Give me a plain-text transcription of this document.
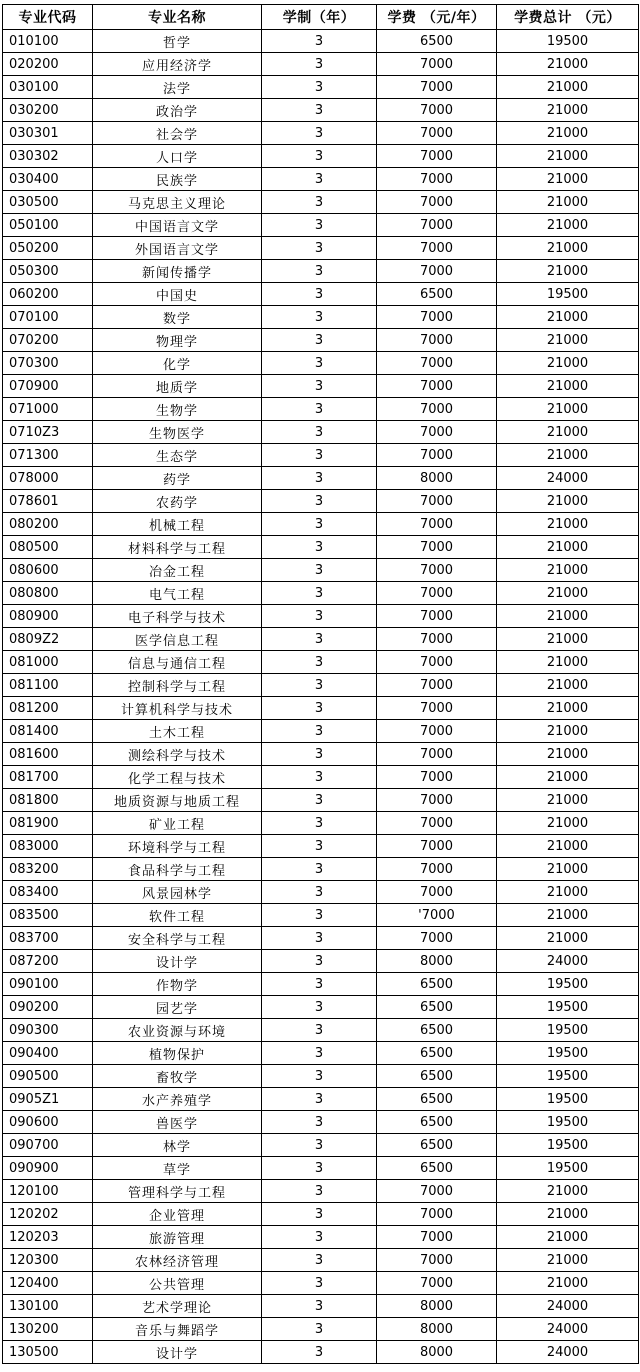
专业代码	专业名称	学制（年）	学费 （元/年）	学费总计 （元）
010100	哲学	3	6500	19500
020200	应用经济学	3	7000	21000
030100	法学	3	7000	21000
030200	政治学	3	7000	21000
030301	社会学	3	7000	21000
030302	人口学	3	7000	21000
030400	民族学	3	7000	21000
030500	马克思主义理论	3	7000	21000
050100	中国语言文学	3	7000	21000
050200	外国语言文学	3	7000	21000
050300	新闻传播学	3	7000	21000
060200	中国史	3	6500	19500
070100	数学	3	7000	21000
070200	物理学	3	7000	21000
070300	化学	3	7000	21000
070900	地质学	3	7000	21000
071000	生物学	3	7000	21000
0710Z3	生物医学	3	7000	21000
071300	生态学	3	7000	21000
078000	药学	3	8000	24000
078601	农药学	3	7000	21000
080200	机械工程	3	7000	21000
080500	材料科学与工程	3	7000	21000
080600	冶金工程	3	7000	21000
080800	电气工程	3	7000	21000
080900	电子科学与技术	3	7000	21000
0809Z2	医学信息工程	3	7000	21000
081000	信息与通信工程	3	7000	21000
081100	控制科学与工程	3	7000	21000
081200	计算机科学与技术	3	7000	21000
081400	土木工程	3	7000	21000
081600	测绘科学与技术	3	7000	21000
081700	化学工程与技术	3	7000	21000
081800	地质资源与地质工程	3	7000	21000
081900	矿业工程	3	7000	21000
083000	环境科学与工程	3	7000	21000
083200	食品科学与工程	3	7000	21000
083400	风景园林学	3	7000	21000
083500	软件工程	3	'7000	21000
083700	安全科学与工程	3	7000	21000
087200	设计学	3	8000	24000
090100	作物学	3	6500	19500
090200	园艺学	3	6500	19500
090300	农业资源与环境	3	6500	19500
090400	植物保护	3	6500	19500
090500	畜牧学	3	6500	19500
0905Z1	水产养殖学	3	6500	19500
090600	兽医学	3	6500	19500
090700	林学	3	6500	19500
090900	草学	3	6500	19500
120100	管理科学与工程	3	7000	21000
120202	企业管理	3	7000	21000
120203	旅游管理	3	7000	21000
120300	农林经济管理	3	7000	21000
120400	公共管理	3	7000	21000
130100	艺术学理论	3	8000	24000
130200	音乐与舞蹈学	3	8000	24000
130500	设计学	3	8000	24000
